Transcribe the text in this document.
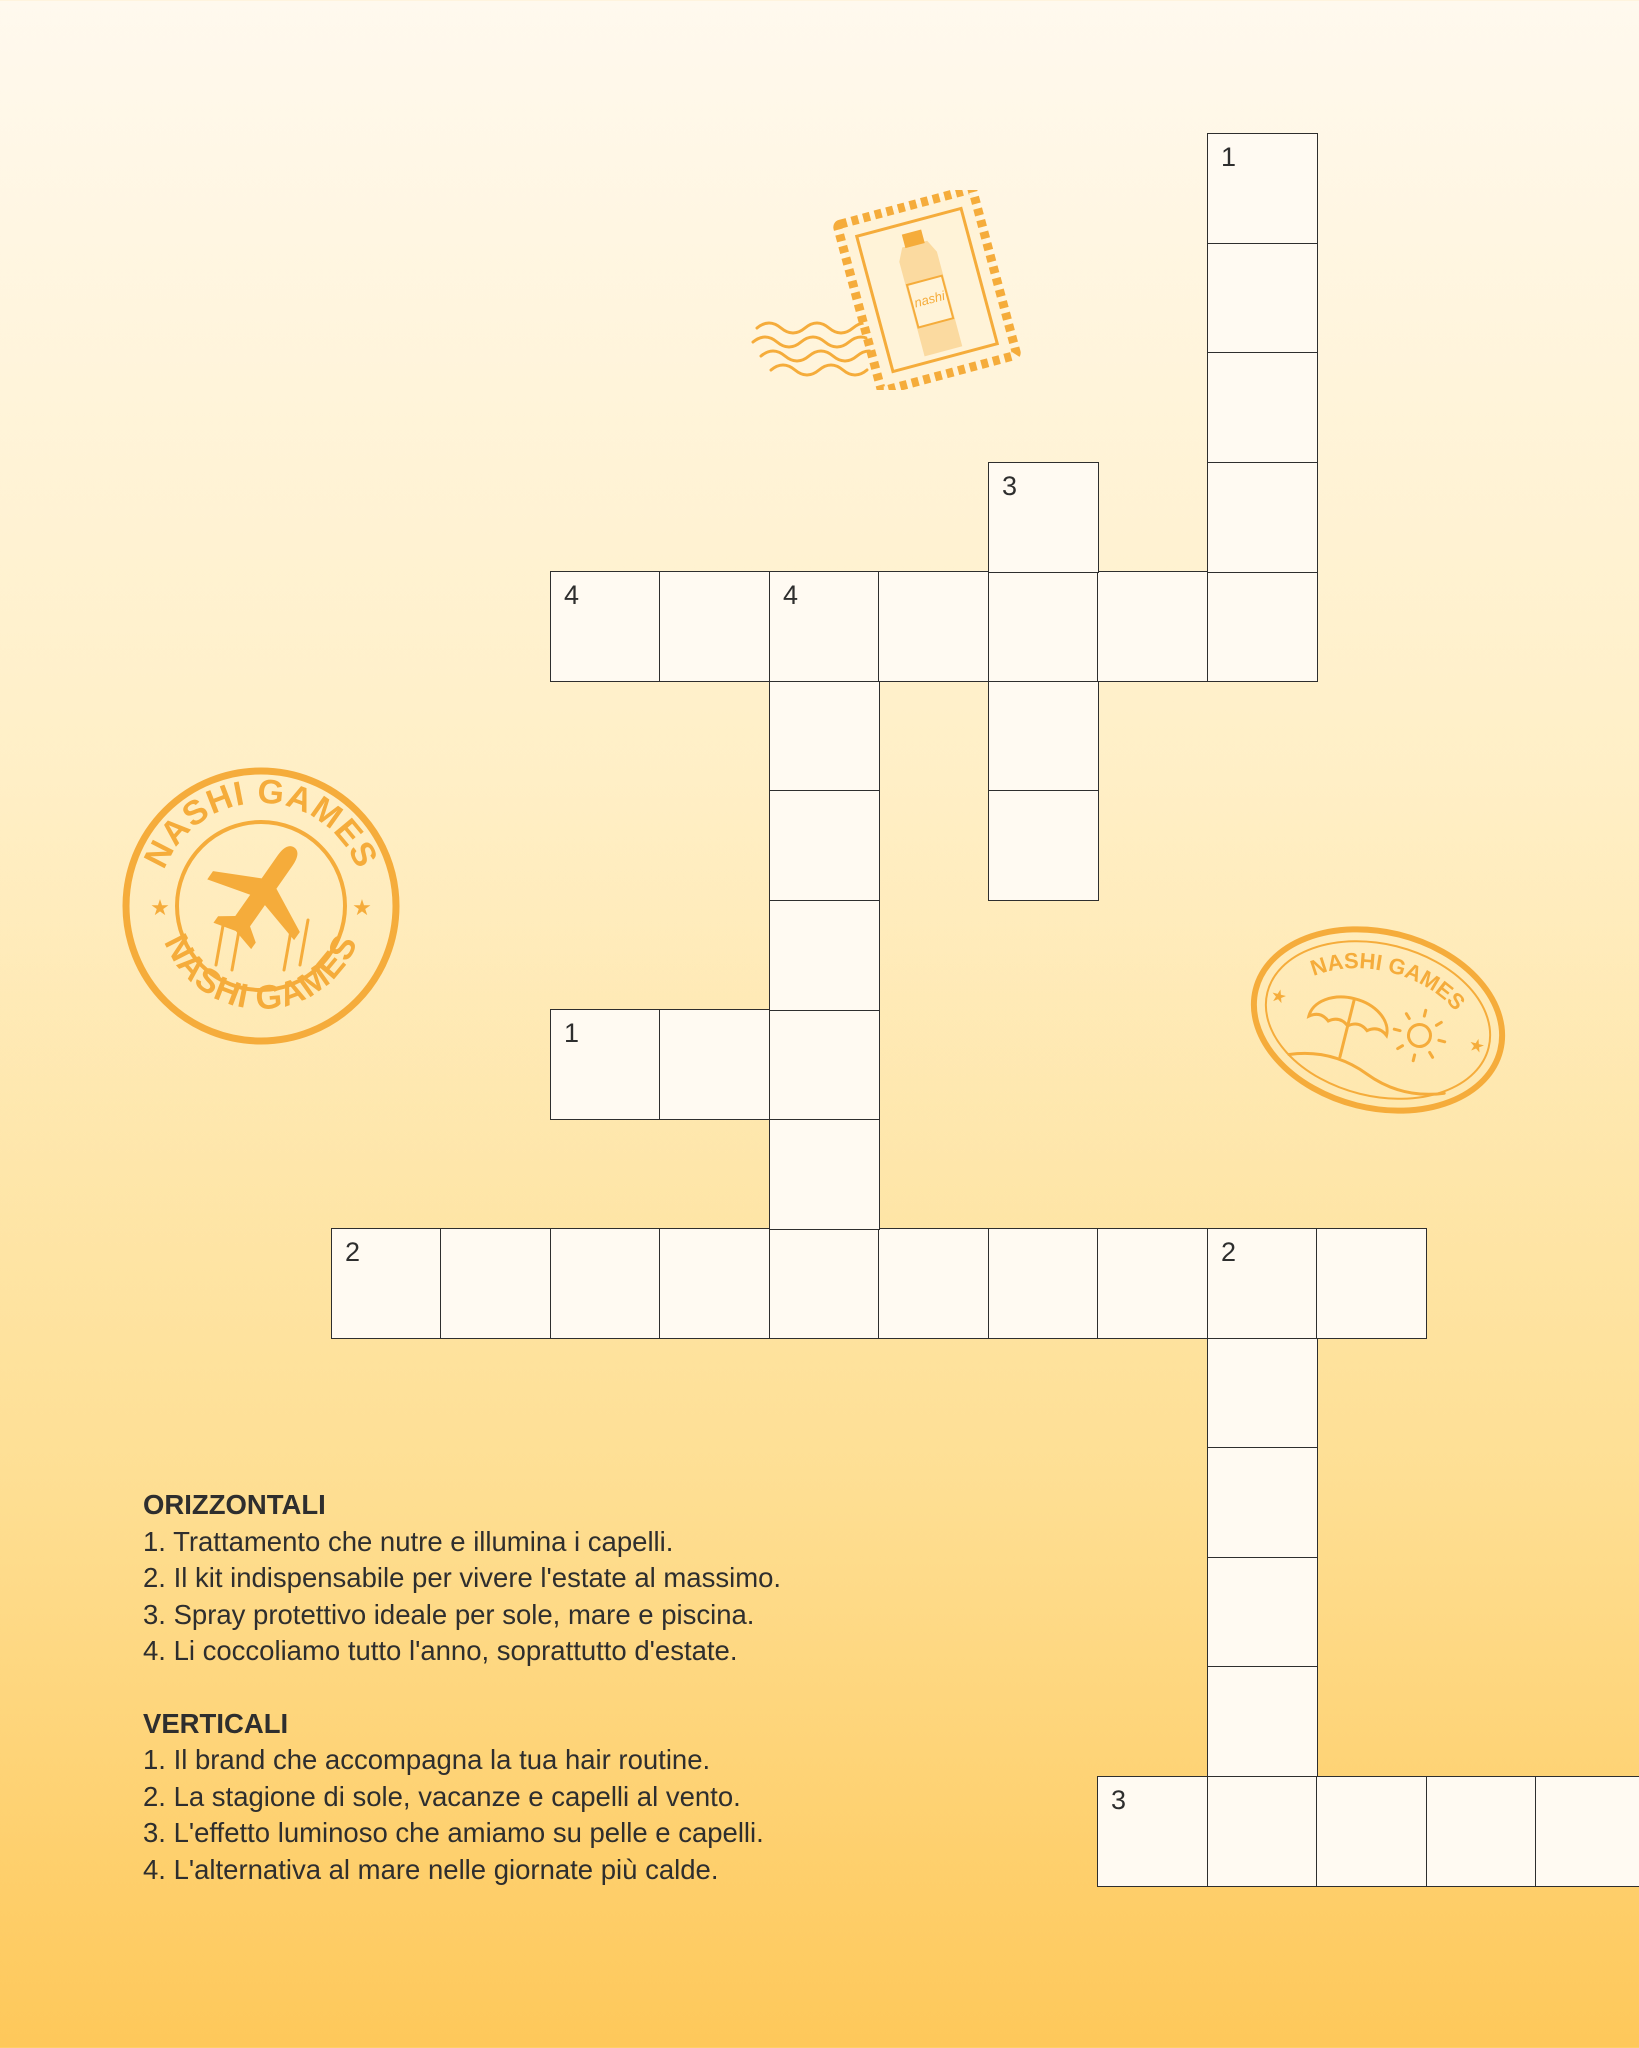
nashi
NASHI GAMES
NASHI GAMES
★	★
NASHI GAMES
★
★
1
2	2
3
4	4
1
3
ORIZZONTALI
1. Trattamento che nutre e illumina i capelli.
2. Il kit indispensabile per vivere l'estate al massimo.
3. Spray protettivo ideale per sole, mare e piscina.
4. Li coccoliamo tutto l'anno, soprattutto d'estate.
VERTICALI
1. Il brand che accompagna la tua hair routine.
2. La stagione di sole, vacanze e capelli al vento.
3. L'effetto luminoso che amiamo su pelle e capelli.
4. L'alternativa al mare nelle giornate più calde.
